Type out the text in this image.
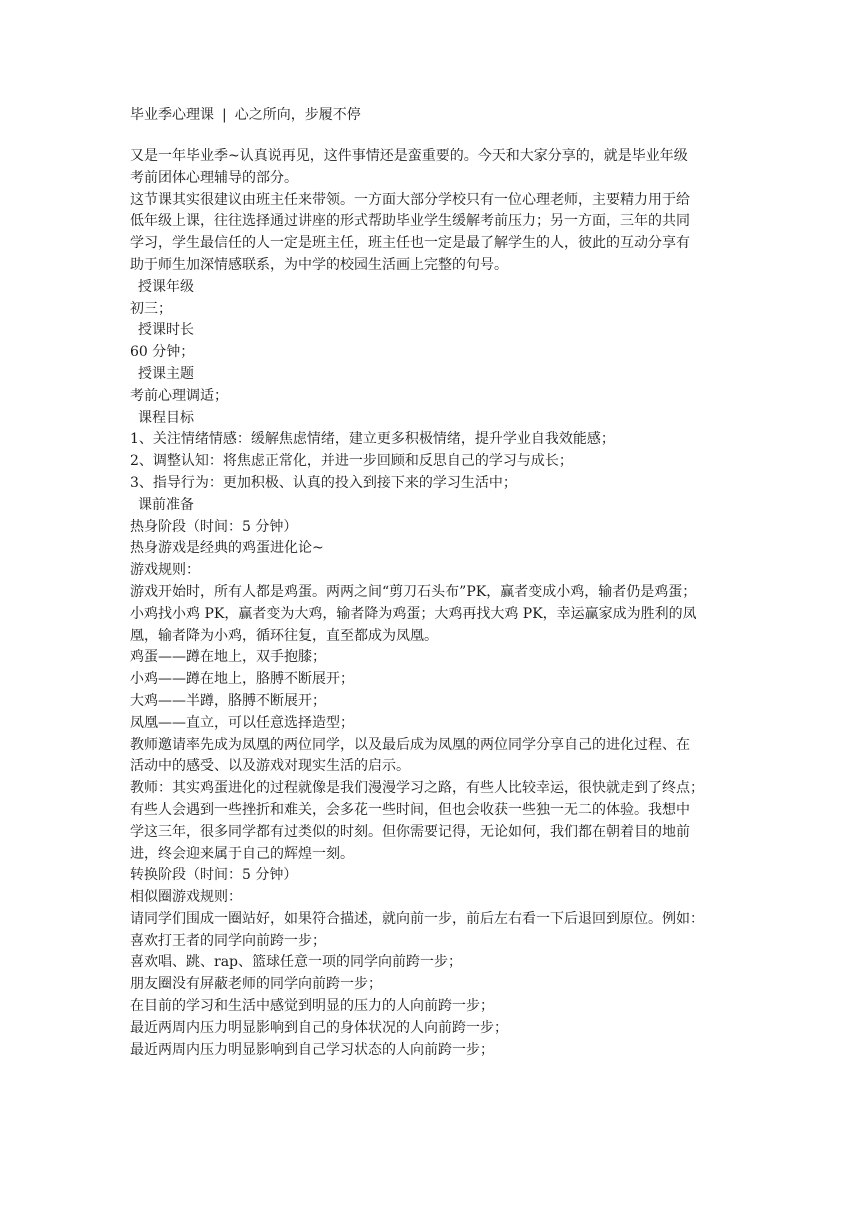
毕业季心理课 | 心之所向，步履不停

又是一年毕业季~认真说再见，这件事情还是蛮重要的。今天和大家分享的，就是毕业年级

考前团体心理辅导的部分。

这节课其实很建议由班主任来带领。一方面大部分学校只有一位心理老师，主要精力用于给

低年级上课，往往选择通过讲座的形式帮助毕业学生缓解考前压力；另一方面，三年的共同

学习，学生最信任的人一定是班主任，班主任也一定是最了解学生的人，彼此的互动分享有

助于师生加深情感联系，为中学的校园生活画上完整的句号。

授课年级

初三；

授课时长

60 分钟；

授课主题

考前心理调适；

课程目标

1、关注情绪情感：缓解焦虑情绪，建立更多积极情绪，提升学业自我效能感；

2、调整认知：将焦虑正常化，并进一步回顾和反思自己的学习与成长；

3、指导行为：更加积极、认真的投入到接下来的学习生活中；

课前准备

热身阶段（时间：5 分钟）

热身游戏是经典的鸡蛋进化论~

游戏规则：

游戏开始时，所有人都是鸡蛋。两两之间“剪刀石头布”PK，赢者变成小鸡，输者仍是鸡蛋；

小鸡找小鸡 PK，赢者变为大鸡，输者降为鸡蛋；大鸡再找大鸡 PK，幸运赢家成为胜利的凤

凰，输者降为小鸡，循环往复，直至都成为凤凰。

鸡蛋——蹲在地上，双手抱膝；

小鸡——蹲在地上，胳膊不断展开；

大鸡——半蹲，胳膊不断展开；

凤凰——直立，可以任意选择造型；

教师邀请率先成为凤凰的两位同学，以及最后成为凤凰的两位同学分享自己的进化过程、在

活动中的感受、以及游戏对现实生活的启示。

教师：其实鸡蛋进化的过程就像是我们漫漫学习之路，有些人比较幸运，很快就走到了终点；

有些人会遇到一些挫折和难关，会多花一些时间，但也会收获一些独一无二的体验。我想中

学这三年，很多同学都有过类似的时刻。但你需要记得，无论如何，我们都在朝着目的地前

进，终会迎来属于自己的辉煌一刻。

转换阶段（时间：5 分钟）

相似圈游戏规则：

请同学们围成一圈站好，如果符合描述，就向前一步，前后左右看一下后退回到原位。例如：

喜欢打王者的同学向前跨一步；

喜欢唱、跳、rap、篮球任意一项的同学向前跨一步；

朋友圈没有屏蔽老师的同学向前跨一步；

在目前的学习和生活中感觉到明显的压力的人向前跨一步；

最近两周内压力明显影响到自己的身体状况的人向前跨一步；

最近两周内压力明显影响到自己学习状态的人向前跨一步；
